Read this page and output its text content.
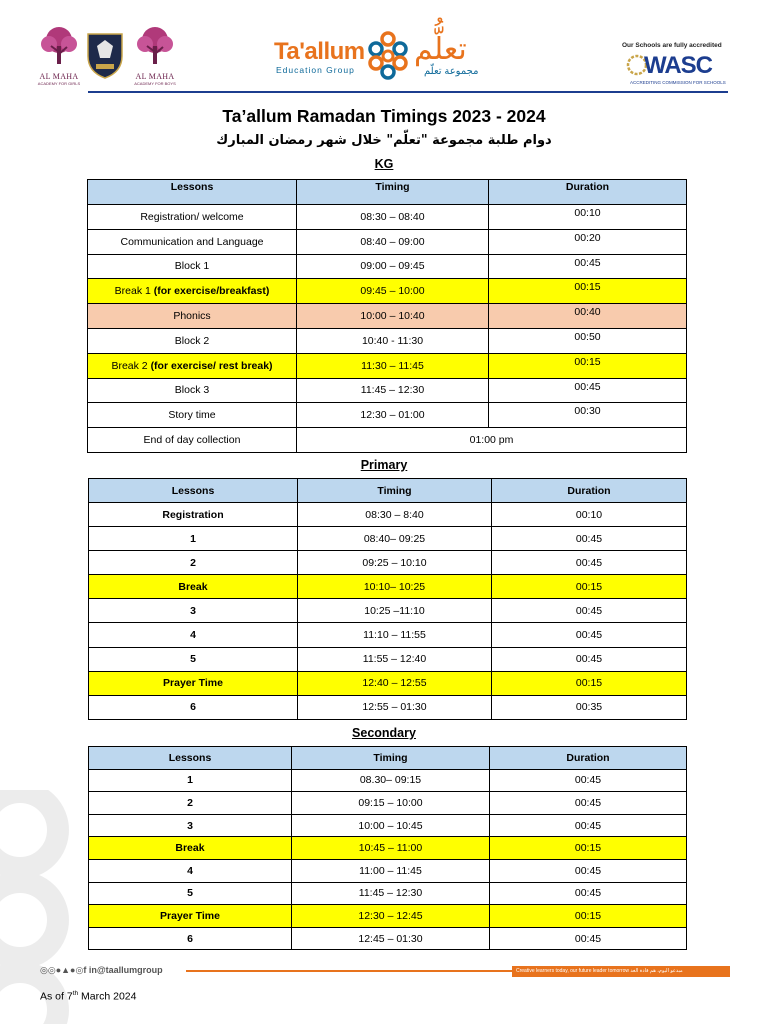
AL MAHA
ACADEMY FOR GIRLS
AL MAHA
ACADEMY FOR BOYS
Ta'allum
Education Group
تعلُّم
مجموعة تعلّم
Our Schools are fully accredited
WASC
ACCREDITING COMMISSION FOR SCHOOLS
Ta’allum Ramadan Timings 2023 - 2024
دوام طلبة مجموعة "تعلّم" خلال شهر رمضان المبارك
KG
Lessons	Timing	Duration
Registration/ welcome	08:30 – 08:40	00:10
Communication and Language	08:40 – 09:00	00:20
Block 1	09:00 – 09:45	00:45
Break 1 (for exercise/breakfast)	09:45 – 10:00	00:15
Phonics	10:00 – 10:40	00:40
Block 2	10:40 - 11:30	00:50
Break 2 (for exercise/ rest break)	11:30 – 11:45	00:15
Block 3	11:45 – 12:30	00:45
Story time	12:30 – 01:00	00:30
End of day collection	01:00 pm	
Primary
Lessons	Timing	Duration
Registration	08:30 – 8:40	00:10
1	08:40– 09:25	00:45
2	09:25 – 10:10	00:45
Break	10:10– 10:25	00:15
3	10:25 –11:10	00:45
4	11:10 – 11:55	00:45
5	11:55 – 12:40	00:45
Prayer Time	12:40 – 12:55	00:15
6	12:55 – 01:30	00:35
Secondary
Lessons	Timing	Duration
1	08.30– 09:15	00:45
2	09:15 – 10:00	00:45
3	10:00 – 10:45	00:45
Break	10:45 – 11:00	00:15
4	11:00 – 11:45	00:45
5	11:45 – 12:30	00:45
Prayer Time	12:30 – 12:45	00:15
6	12:45 – 01:30	00:45
◎◎●▲●◎f in@taallumgroup	Creative learners today, our future leader tomorrow مبدعو اليوم، هم قادة الغد
As of 7th March 2024
